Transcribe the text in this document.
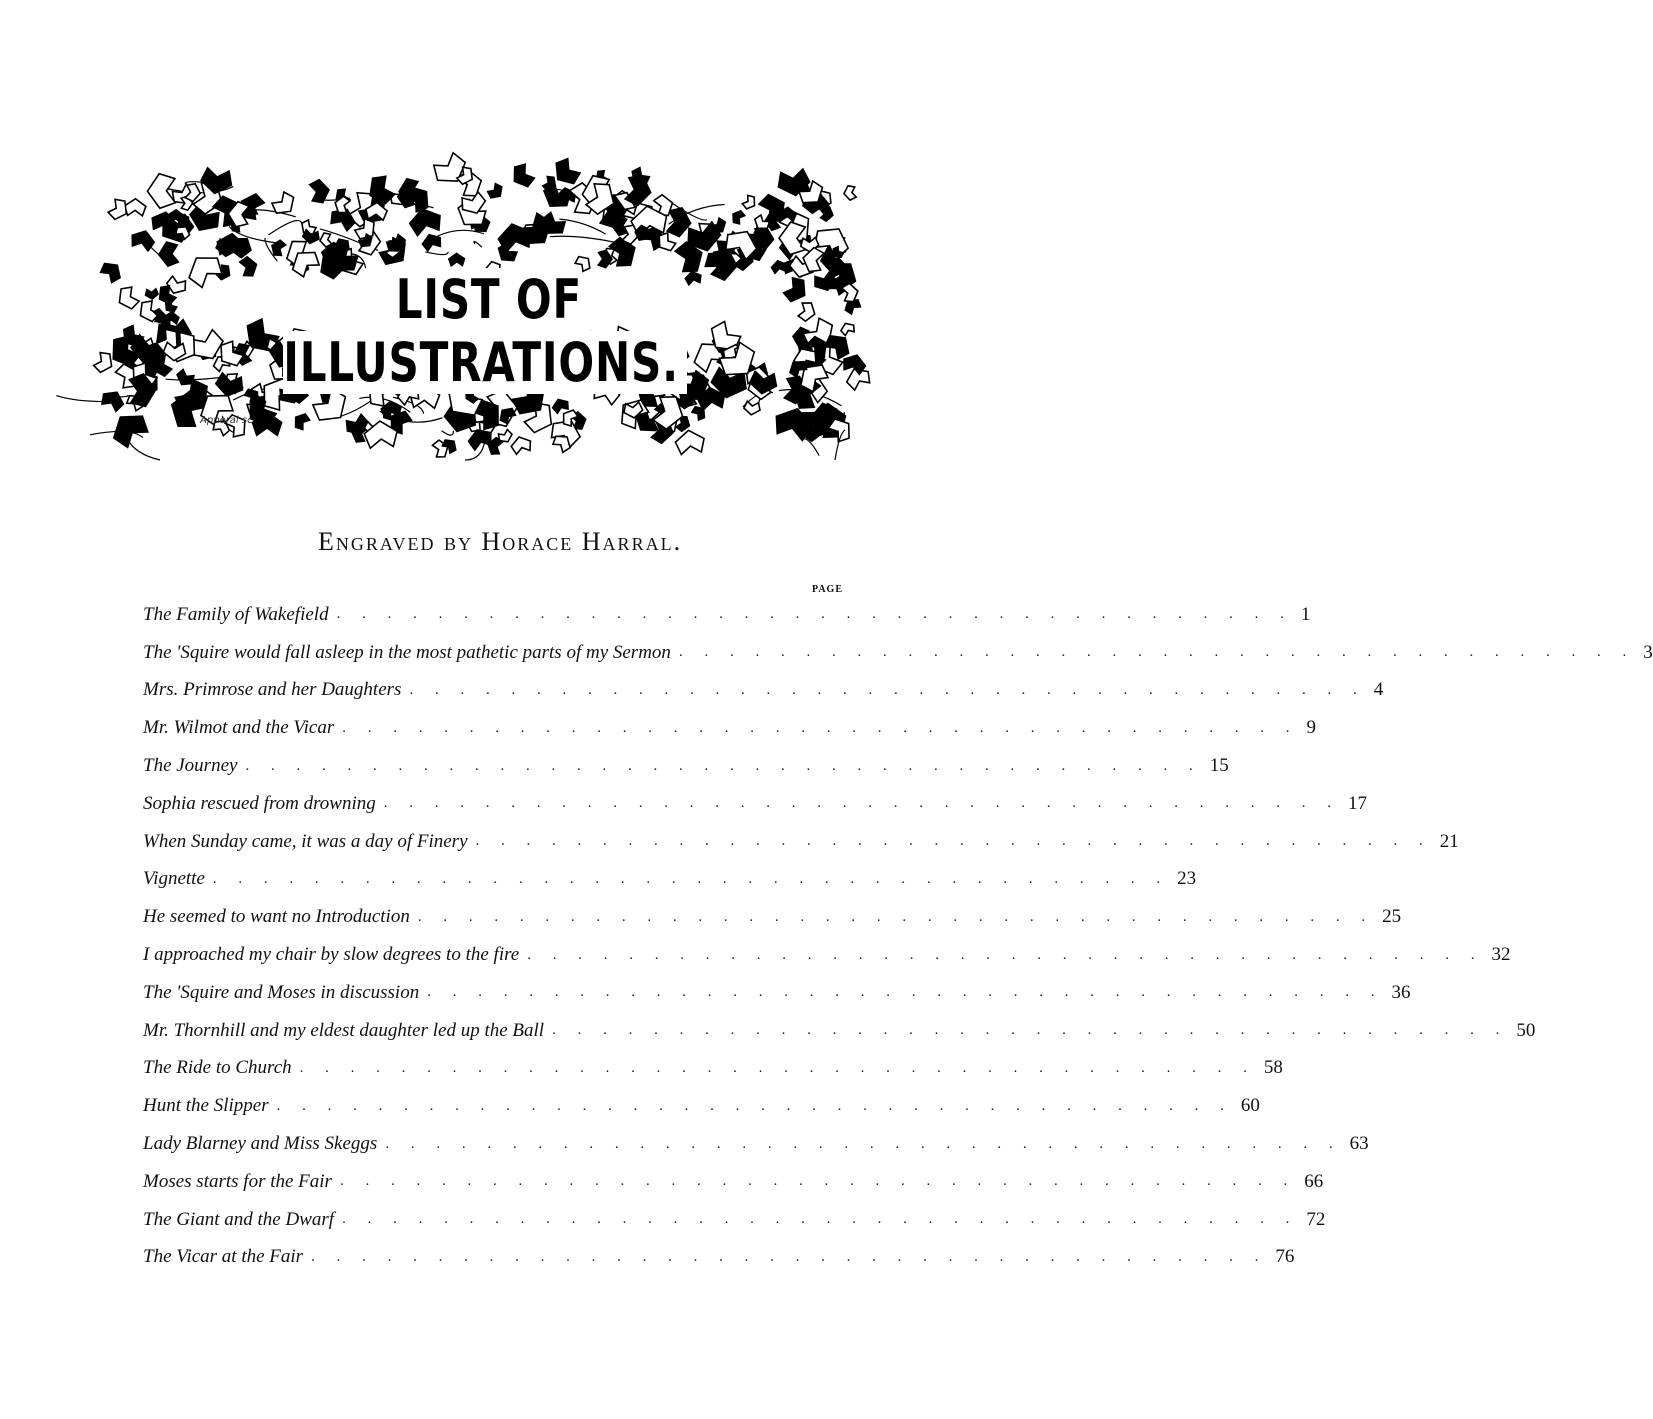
LIST OF ILLUSTRATIONS.
Apperal sc
Engraved by Horace Harral.
PAGE
The Family of Wakefield . . . . . . . . . . . . . . . . . . . . . . . . . . . . . . . . . . . . . . 1
The 'Squire would fall asleep in the most pathetic parts of my Sermon . . . . . . . . . . . . . . . . . . . . . . . . . . . . . . . . . . . . . . 3
Mrs. Primrose and her Daughters . . . . . . . . . . . . . . . . . . . . . . . . . . . . . . . . . . . . . . 4
Mr. Wilmot and the Vicar . . . . . . . . . . . . . . . . . . . . . . . . . . . . . . . . . . . . . . 9
The Journey . . . . . . . . . . . . . . . . . . . . . . . . . . . . . . . . . . . . . . 15
Sophia rescued from drowning . . . . . . . . . . . . . . . . . . . . . . . . . . . . . . . . . . . . . . 17
When Sunday came, it was a day of Finery . . . . . . . . . . . . . . . . . . . . . . . . . . . . . . . . . . . . . . 21
Vignette . . . . . . . . . . . . . . . . . . . . . . . . . . . . . . . . . . . . . . 23
He seemed to want no Introduction . . . . . . . . . . . . . . . . . . . . . . . . . . . . . . . . . . . . . . 25
I approached my chair by slow degrees to the fire . . . . . . . . . . . . . . . . . . . . . . . . . . . . . . . . . . . . . . 32
The 'Squire and Moses in discussion . . . . . . . . . . . . . . . . . . . . . . . . . . . . . . . . . . . . . . 36
Mr. Thornhill and my eldest daughter led up the Ball . . . . . . . . . . . . . . . . . . . . . . . . . . . . . . . . . . . . . . 50
The Ride to Church . . . . . . . . . . . . . . . . . . . . . . . . . . . . . . . . . . . . . . 58
Hunt the Slipper . . . . . . . . . . . . . . . . . . . . . . . . . . . . . . . . . . . . . . 60
Lady Blarney and Miss Skeggs . . . . . . . . . . . . . . . . . . . . . . . . . . . . . . . . . . . . . . 63
Moses starts for the Fair . . . . . . . . . . . . . . . . . . . . . . . . . . . . . . . . . . . . . . 66
The Giant and the Dwarf . . . . . . . . . . . . . . . . . . . . . . . . . . . . . . . . . . . . . . 72
The Vicar at the Fair . . . . . . . . . . . . . . . . . . . . . . . . . . . . . . . . . . . . . . 76
